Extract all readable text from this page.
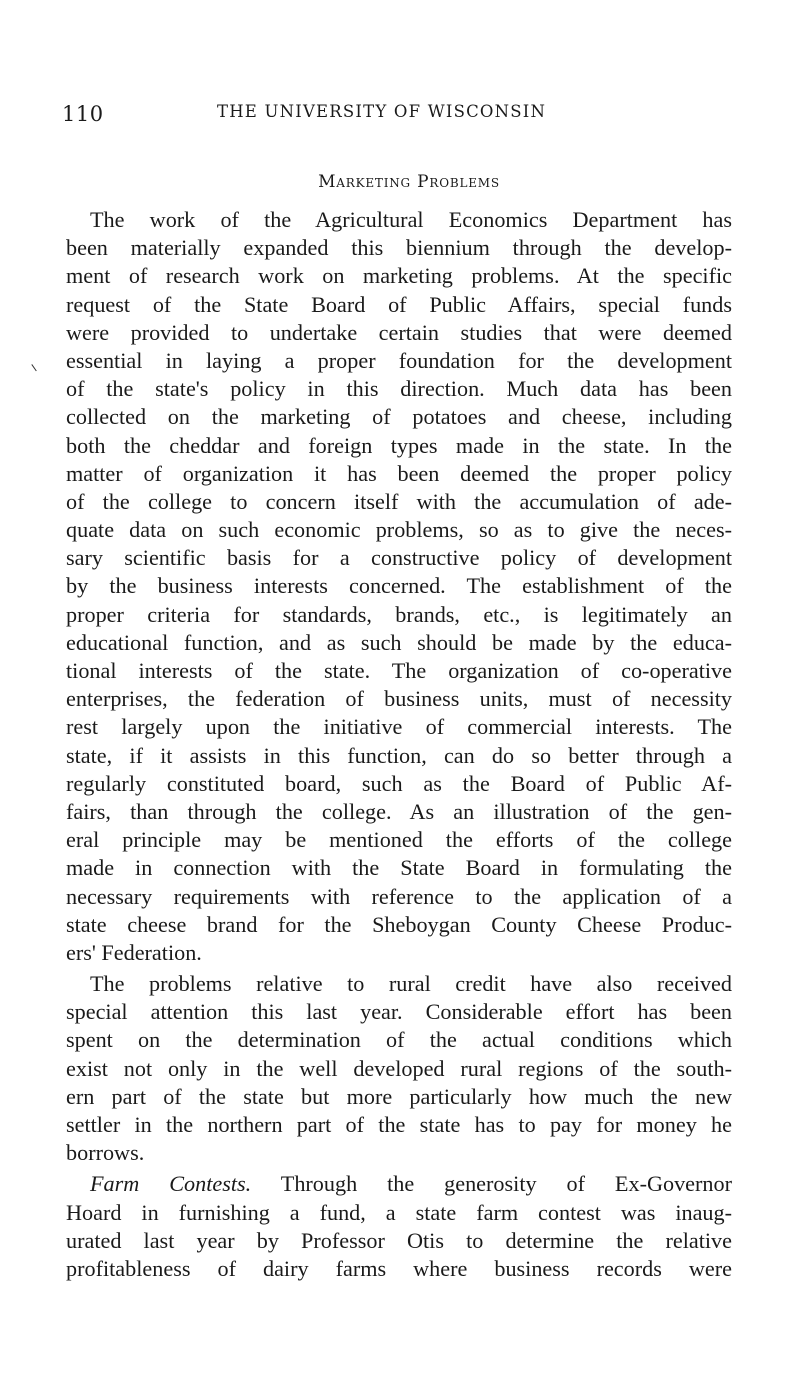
110	THE UNIVERSITY OF WISCONSIN
Marketing Problems
The work of the Agricultural Economics Department has
been materially expanded this biennium through the develop-
ment of research work on marketing problems. At the specific
request of the State Board of Public Affairs, special funds
were provided to undertake certain studies that were deemed
essential in laying a proper foundation for the development
of the state's policy in this direction. Much data has been
collected on the marketing of potatoes and cheese, including
both the cheddar and foreign types made in the state. In the
matter of organization it has been deemed the proper policy
of the college to concern itself with the accumulation of ade-
quate data on such economic problems, so as to give the neces-
sary scientific basis for a constructive policy of development
by the business interests concerned. The establishment of the
proper criteria for standards, brands, etc., is legitimately an
educational function, and as such should be made by the educa-
tional interests of the state. The organization of co-operative
enterprises, the federation of business units, must of necessity
rest largely upon the initiative of commercial interests. The
state, if it assists in this function, can do so better through a
regularly constituted board, such as the Board of Public Af-
fairs, than through the college. As an illustration of the gen-
eral principle may be mentioned the efforts of the college
made in connection with the State Board in formulating the
necessary requirements with reference to the application of a
state cheese brand for the Sheboygan County Cheese Produc-
ers' Federation.
The problems relative to rural credit have also received
special attention this last year. Considerable effort has been
spent on the determination of the actual conditions which
exist not only in the well developed rural regions of the south-
ern part of the state but more particularly how much the new
settler in the northern part of the state has to pay for money he
borrows.
Farm Contests. Through the generosity of Ex-Governor
Hoard in furnishing a fund, a state farm contest was inaug-
urated last year by Professor Otis to determine the relative
profitableness of dairy farms where business records were
